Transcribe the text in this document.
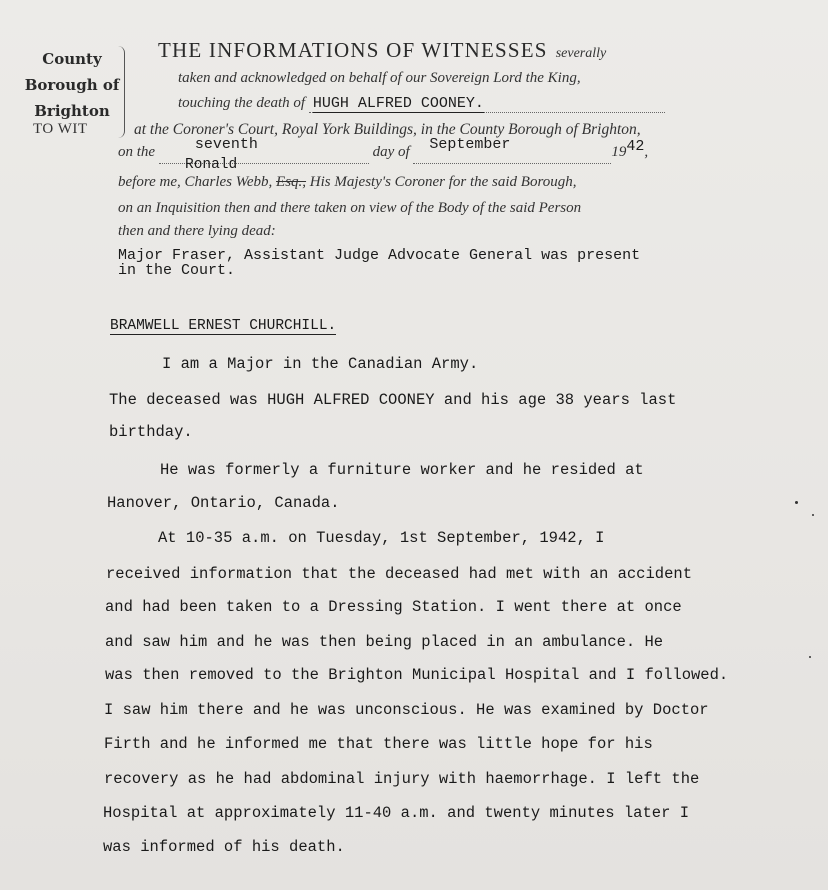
County
Borough of
Brighton
TO WIT
THE INFORMATIONS OF WITNESSES severally
taken and acknowledged on behalf of our Sovereign Lord the King,
touching the death of HUGH ALFRED COONEY.
at the Coroner's Court, Royal York Buildings, in the County Borough of Brighton,
on the	seventh	day of September	1942,
Ronald
before me, Charles Webb, Esq., His Majesty's Coroner for the said Borough,
on an Inquisition then and there taken on view of the Body of the said Person
then and there lying dead:
Major Fraser, Assistant Judge Advocate General was present
in the Court.
BRAMWELL ERNEST CHURCHILL.
I am a Major in the Canadian Army.
The deceased was HUGH ALFRED COONEY and his age 38 years last
birthday.
He was formerly a furniture worker and he resided at
Hanover, Ontario, Canada.
At 10-35 a.m. on Tuesday, 1st September, 1942, I
received information that the deceased had met with an accident
and had been taken to a Dressing Station. I went there at once
and saw him and he was then being placed in an ambulance. He
was then removed to the Brighton Municipal Hospital and I followed.
I saw him there and he was unconscious. He was examined by Doctor
Firth and he informed me that there was little hope for his
recovery as he had abdominal injury with haemorrhage. I left the
Hospital at approximately 11-40 a.m. and twenty minutes later I
was informed of his death.
